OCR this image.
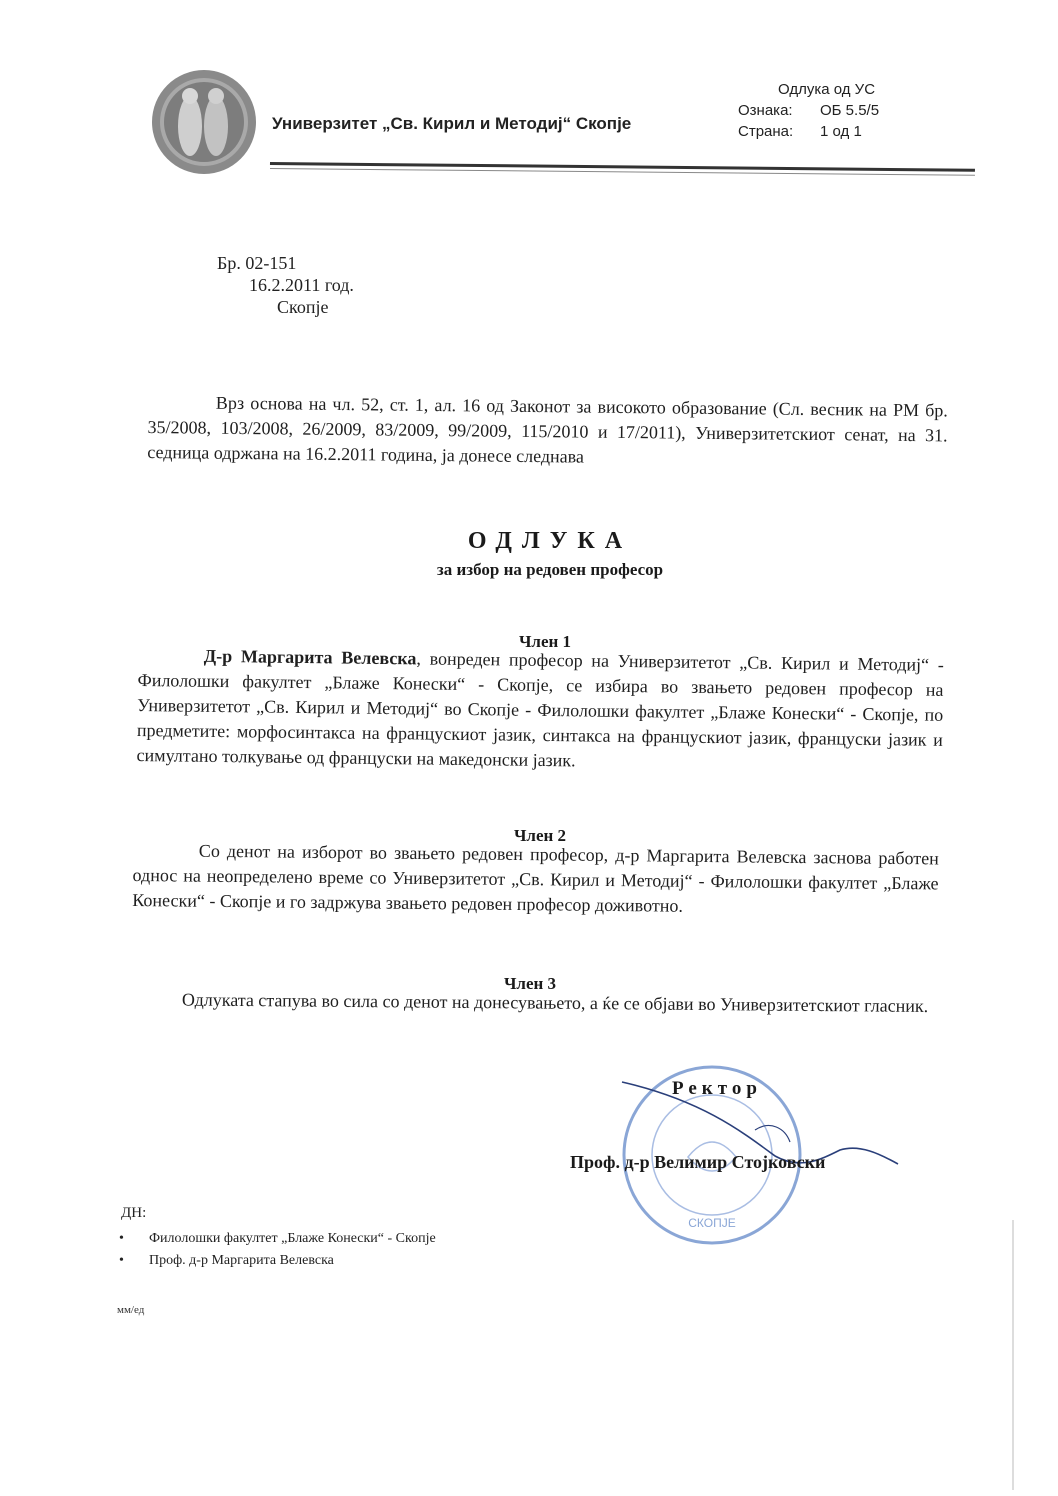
Универзитет „Св. Кирил и Методиј“ Скопје
Одлука од УС
Ознака:	ОБ 5.5/5
Страна:	1 од 1
Бр. 02-151
16.2.2011 год.
Скопје
Врз основа на чл. 52, ст. 1, ал. 16 од Законот за високото образование (Сл. весник на РМ бр. 35/2008, 103/2008, 26/2009, 83/2009, 99/2009, 115/2010 и 17/2011), Универзитетскиот сенат, на 31. седница одржана на 16.2.2011 година, ја донесе следнава
ОДЛУКА
за избор на редовен професор
Член 1
Д-р Маргарита Велевска, вонреден професор на Универзитетот „Св. Кирил и Методиј“ - Филолошки факултет „Блаже Конески“ - Скопје, се избира во звањето редовен професор на Универзитетот „Св. Кирил и Методиј“ во Скопје - Филолошки факултет „Блаже Конески“ - Скопје, по предметите: морфосинтакса на францускиот јазик, синтакса на францускиот јазик, француски јазик и симултано толкување од француски на македонски јазик.
Член 2
Со денот на изборот во звањето редовен професор, д-р Маргарита Велевска заснова работен однос на неопределено време со Универзитетот „Св. Кирил и Методиј“ - Филолошки факултет „Блаже Конески“ - Скопје и го задржува звањето редовен професор доживотно.
Член 3
Одлуката стапува во сила со денот на донесувањето, а ќе се објави во Универзитетскиот гласник.
СКОПЈЕ
Ректор
Проф. д-р Велимир Стојковски
ДН:
•	Филолошки факултет „Блаже Конески“ - Скопје
•	Проф. д-р Маргарита Велевска
мм/ед
